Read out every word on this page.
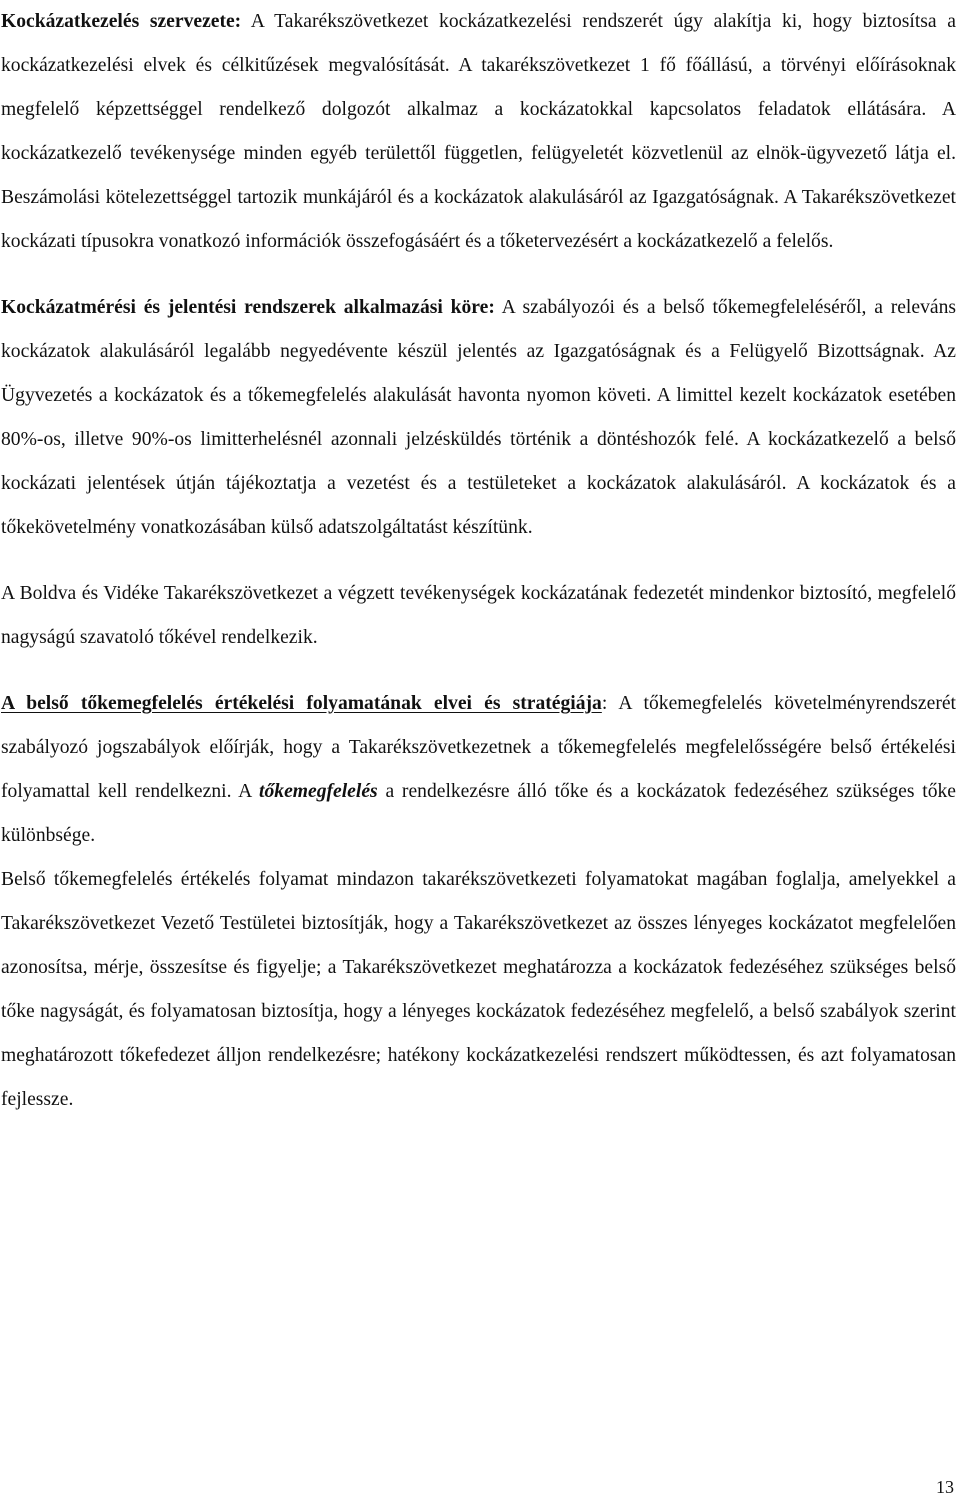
Kockázatkezelés szervezete: A Takarékszövetkezet kockázatkezelési rendszerét úgy alakítja ki, hogy biztosítsa a kockázatkezelési elvek és célkitűzések megvalósítását. A takarékszövetkezet 1 fő főállású, a törvényi előírásoknak megfelelő képzettséggel rendelkező dolgozót alkalmaz a kockázatokkal kapcsolatos feladatok ellátására. A kockázatkezelő tevékenysége minden egyéb területtől független, felügyeletét közvetlenül az elnök-ügyvezető látja el. Beszámolási kötelezettséggel tartozik munkájáról és a kockázatok alakulásáról az Igazgatóságnak. A Takarékszövetkezet kockázati típusokra vonatkozó információk összefogásáért és a tőketervezésért a kockázatkezelő a felelős.

Kockázatmérési és jelentési rendszerek alkalmazási köre: A szabályozói és a belső tőkemegfeleléséről, a releváns kockázatok alakulásáról legalább negyedévente készül jelentés az Igazgatóságnak és a Felügyelő Bizottságnak. Az Ügyvezetés a kockázatok és a tőkemegfelelés alakulását havonta nyomon követi. A limittel kezelt kockázatok esetében 80%-os, illetve 90%-os limitterhelésnél azonnali jelzésküldés történik a döntéshozók felé. A kockázatkezelő a belső kockázati jelentések útján tájékoztatja a vezetést és a testületeket a kockázatok alakulásáról. A kockázatok és a tőkekövetelmény vonatkozásában külső adatszolgáltatást készítünk.

A Boldva és Vidéke Takarékszövetkezet a végzett tevékenységek kockázatának fedezetét mindenkor biztosító, megfelelő nagyságú szavatoló tőkével rendelkezik.

A belső tőkemegfelelés értékelési folyamatának elvei és stratégiája: A tőkemegfelelés követelményrendszerét szabályozó jogszabályok előírják, hogy a Takarékszövetkezetnek a tőkemegfelelés megfelelősségére belső értékelési folyamattal kell rendelkezni. A tőkemegfelelés a rendelkezésre álló tőke és a kockázatok fedezéséhez szükséges tőke különbsége.

Belső tőkemegfelelés értékelés folyamat mindazon takarékszövetkezeti folyamatokat magában foglalja, amelyekkel a Takarékszövetkezet Vezető Testületei biztosítják, hogy a Takarékszövetkezet az összes lényeges kockázatot megfelelően azonosítsa, mérje, összesítse és figyelje; a Takarékszövetkezet meghatározza a kockázatok fedezéséhez szükséges belső tőke nagyságát, és folyamatosan biztosítja, hogy a lényeges kockázatok fedezéséhez megfelelő, a belső szabályok szerint meghatározott tőkefedezet álljon rendelkezésre; hatékony kockázatkezelési rendszert működtessen, és azt folyamatosan fejlessze.

13
